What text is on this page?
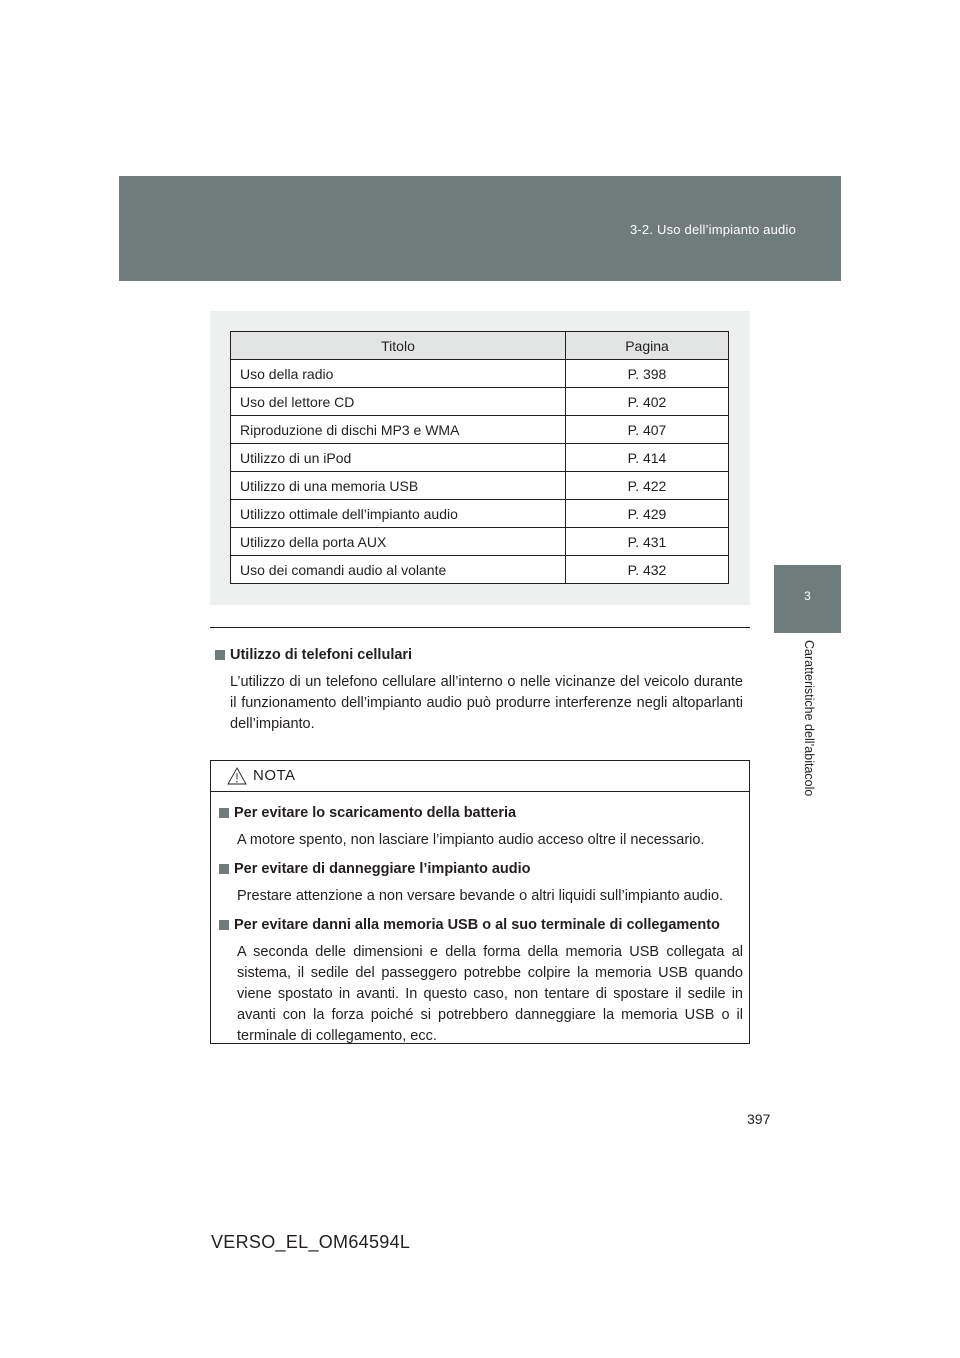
3-2. Uso dell’impianto audio
3
Caratteristiche dell’abitacolo
Titolo	Pagina
Uso della radio	P. 398
Uso del lettore CD	P. 402
Riproduzione di dischi MP3 e WMA	P. 407
Utilizzo di un iPod	P. 414
Utilizzo di una memoria USB	P. 422
Utilizzo ottimale dell’impianto audio	P. 429
Utilizzo della porta AUX	P. 431
Uso dei comandi audio al volante	P. 432

Utilizzo di telefoni cellulari

L’utilizzo di un telefono cellulare all’interno o nelle vicinanze del veicolo durante il funzionamento dell’impianto audio può produrre interferenze negli altoparlanti dell’impianto.

NOTA

Per evitare lo scaricamento della batteria

A motore spento, non lasciare l’impianto audio acceso oltre il necessario.

Per evitare di danneggiare l’impianto audio

Prestare attenzione a non versare bevande o altri liquidi sull’impianto audio.

Per evitare danni alla memoria USB o al suo terminale di collegamento

A seconda delle dimensioni e della forma della memoria USB collegata al sistema, il sedile del passeggero potrebbe colpire la memoria USB quando viene spostato in avanti. In questo caso, non tentare di spostare il sedile in avanti con la forza poiché si potrebbero danneggiare la memoria USB o il terminale di collegamento, ecc.

397
VERSO_EL_OM64594L
